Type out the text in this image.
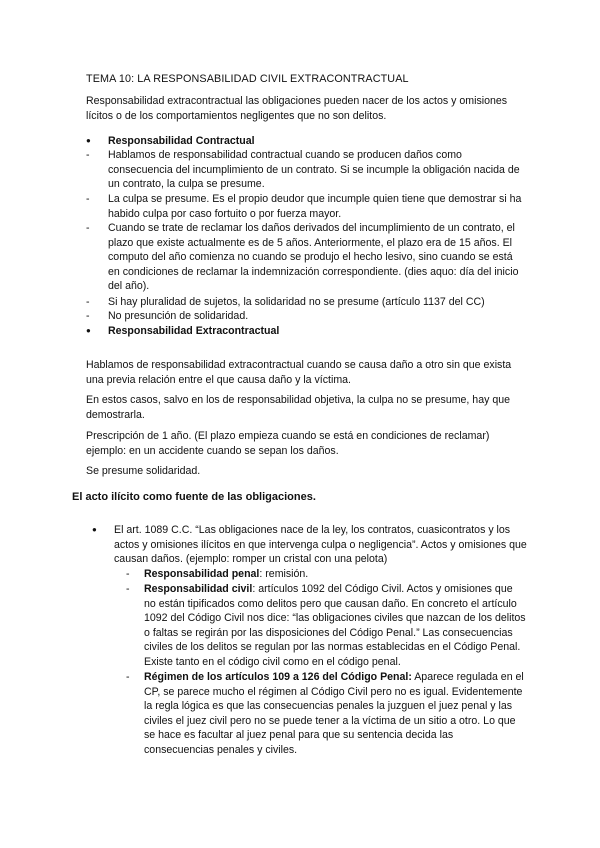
TEMA 10: LA RESPONSABILIDAD CIVIL EXTRACONTRACTUAL

Responsabilidad extracontractual las obligaciones pueden nacer de los actos y omisiones lícitos o de los comportamientos negligentes que no son delitos.

●	Responsabilidad Contractual
-	Hablamos de responsabilidad contractual cuando se producen daños como consecuencia del incumplimiento de un contrato. Si se incumple la obligación nacida de un contrato, la culpa se presume.
-	La culpa se presume. Es el propio deudor que incumple quien tiene que demostrar si ha habido culpa por caso fortuito o por fuerza mayor.
-	Cuando se trate de reclamar los daños derivados del incumplimiento de un contrato, el plazo que existe actualmente es de 5 años. Anteriormente, el plazo era de 15 años. El computo del año comienza no cuando se produjo el hecho lesivo, sino cuando se está en condiciones de reclamar la indemnización correspondiente. (dies aquo: día del inicio del año).
-	Si hay pluralidad de sujetos, la solidaridad no se presume (artículo 1137 del CC)
-	No presunción de solidaridad.
●	Responsabilidad Extracontractual

Hablamos de responsabilidad extracontractual cuando se causa daño a otro sin que exista una previa relación entre el que causa daño y la víctima.

En estos casos, salvo en los de responsabilidad objetiva, la culpa no se presume, hay que demostrarla.

Prescripción de 1 año. (El plazo empieza cuando se está en condiciones de reclamar) ejemplo: en un accidente cuando se sepan los daños.

Se presume solidaridad.

El acto ilícito como fuente de las obligaciones.

●	El art. 1089 C.C. “Las obligaciones nace de la ley, los contratos, cuasicontratos y los actos y omisiones ilícitos en que intervenga culpa o negligencia”. Actos y omisiones que causan daños. (ejemplo: romper un cristal con una pelota)
-	Responsabilidad penal: remisión.
-	Responsabilidad civil: artículos 1092 del Código Civil. Actos y omisiones que no están tipificados como delitos pero que causan daño. En concreto el artículo 1092 del Código Civil nos dice: “las obligaciones civiles que nazcan de los delitos o faltas se regirán por las disposiciones del Código Penal.” Las consecuencias civiles de los delitos se regulan por las normas establecidas en el Código Penal. Existe tanto en el código civil como en el código penal.
-	Régimen de los artículos 109 a 126 del Código Penal: Aparece regulada en el CP, se parece mucho el régimen al Código Civil pero no es igual. Evidentemente la regla lógica es que las consecuencias penales la juzguen el juez penal y las civiles el juez civil pero no se puede tener a la víctima de un sitio a otro. Lo que se hace es facultar al juez penal para que su sentencia decida las consecuencias penales y civiles.
